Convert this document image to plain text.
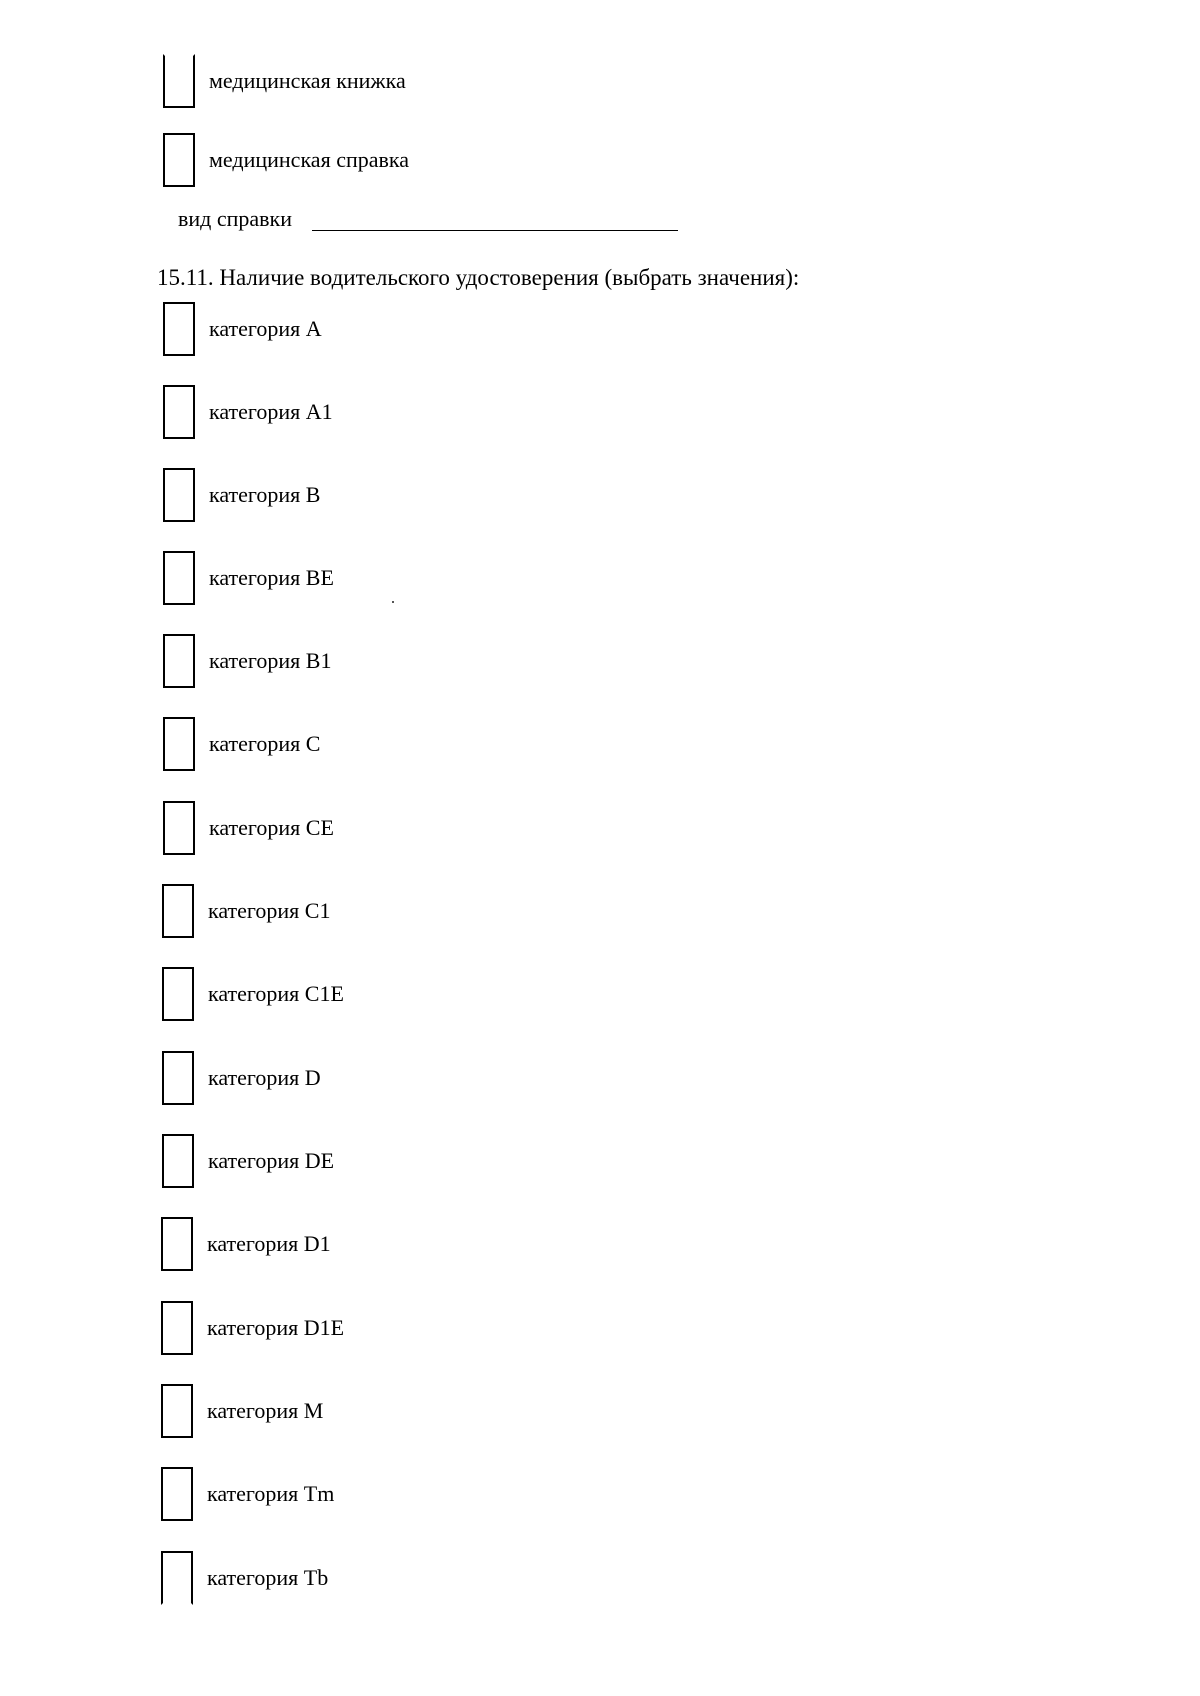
медицинская книжка
медицинская справка
вид справки
15.11. Наличие водительского удостоверения (выбрать значения):
категория A
категория A1
категория B
категория BE
категория B1
категория C
категория CE
категория C1
категория C1E
категория D
категория DE
категория D1
категория D1E
категория M
категория Tm
категория Tb
